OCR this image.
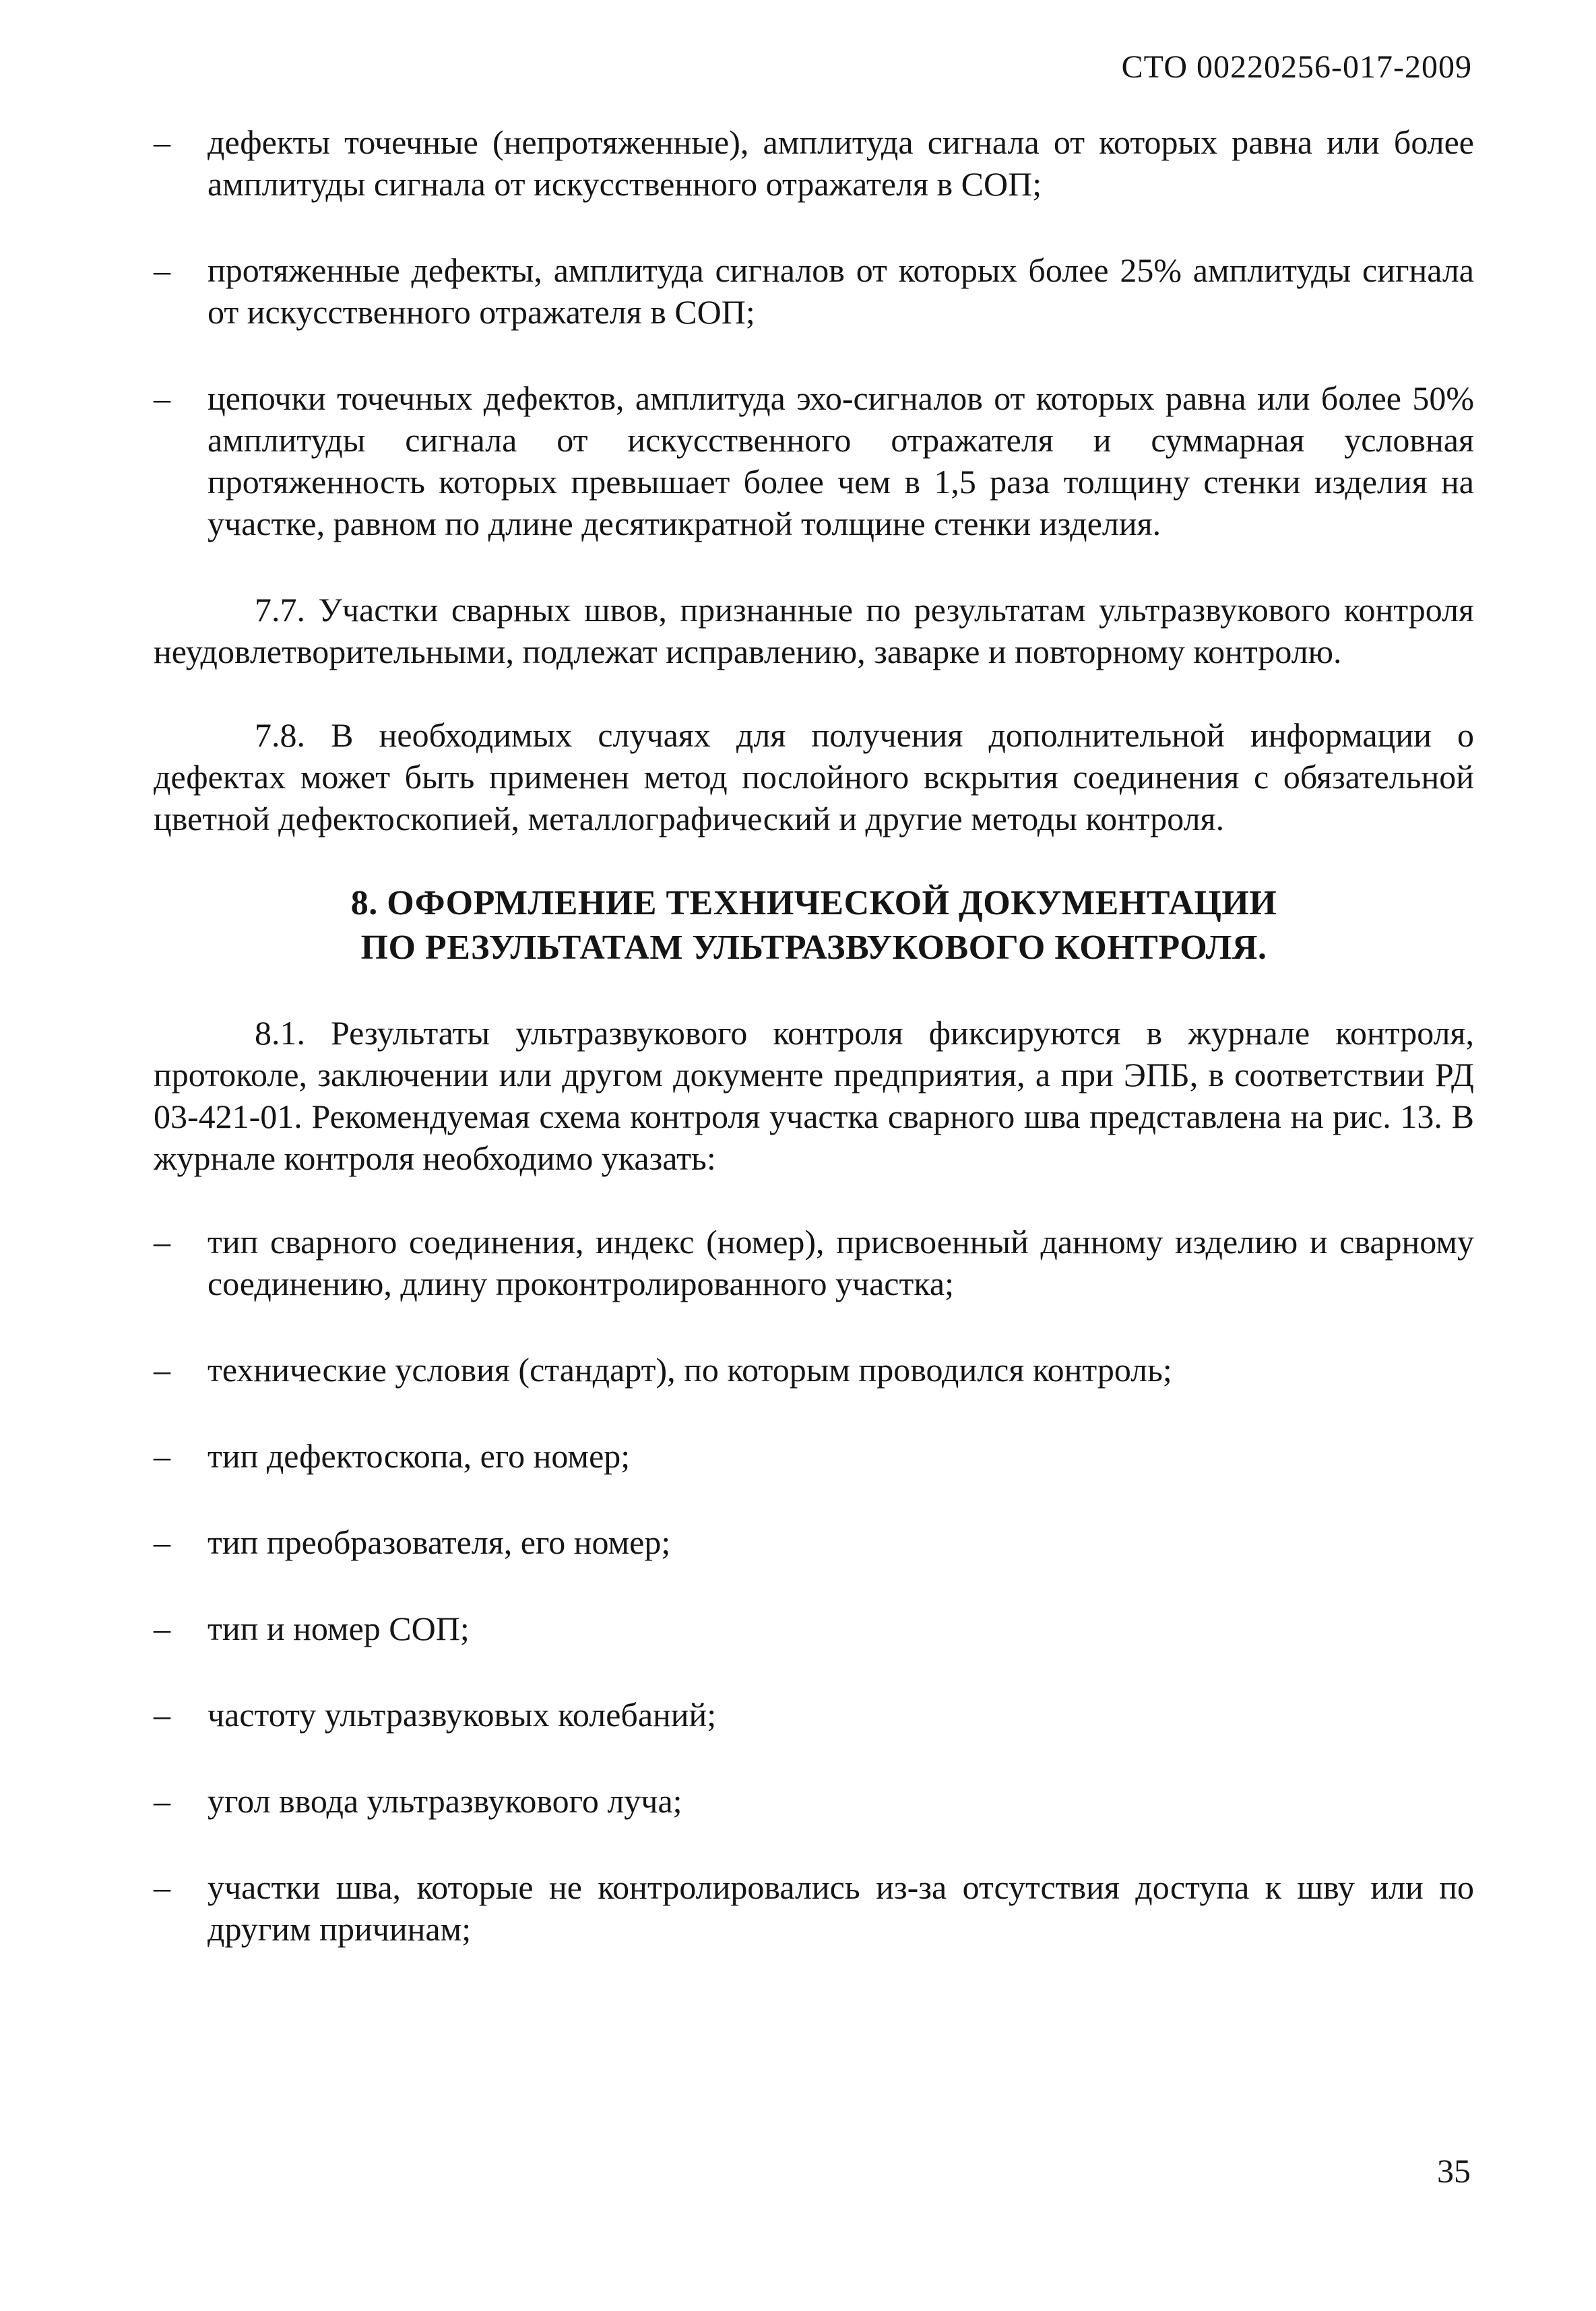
СТО 00220256-017-2009
–	дефекты точечные (непротяженные), амплитуда сигнала от которых равна или более амплитуды сигнала от искусственного отражателя в СОП;
–	протяженные дефекты, амплитуда сигналов от которых более 25% амплитуды сигнала от искусственного отражателя в СОП;
–	цепочки точечных дефектов, амплитуда эхо-сигналов от которых равна или более 50% амплитуды сигнала от искусственного отражателя и суммарная условная протяженность которых превышает более чем в 1,5 раза толщину стенки изделия на участке, равном по длине десятикратной толщине стенки изделия.

7.7. Участки сварных швов, признанные по результатам ультразвукового контроля неудовлетворительными, подлежат исправлению, заварке и повторному контролю.

7.8. В необходимых случаях для получения дополнительной информации о дефектах может быть применен метод послойного вскрытия соединения с обязательной цветной дефектоскопией, металлографический и другие методы контроля.

8. ОФОРМЛЕНИЕ ТЕХНИЧЕСКОЙ ДОКУМЕНТАЦИИ
ПО РЕЗУЛЬТАТАМ УЛЬТРАЗВУКОВОГО КОНТРОЛЯ.

8.1. Результаты ультразвукового контроля фиксируются в журнале контроля, протоколе, заключении или другом документе предприятия, а при ЭПБ, в соответствии РД 03-421-01. Рекомендуемая схема контроля участка сварного шва представлена на рис. 13. В журнале контроля необходимо указать:

–	тип сварного соединения, индекс (номер), присвоенный данному изделию и сварному соединению, длину проконтролированного участка;
–	технические условия (стандарт), по которым проводился контроль;
–	тип дефектоскопа, его номер;
–	тип преобразователя, его номер;
–	тип и номер СОП;
–	частоту ультразвуковых колебаний;
–	угол ввода ультразвукового луча;
–	участки шва, которые не контролировались из-за отсутствия доступа к шву или по другим причинам;
35
